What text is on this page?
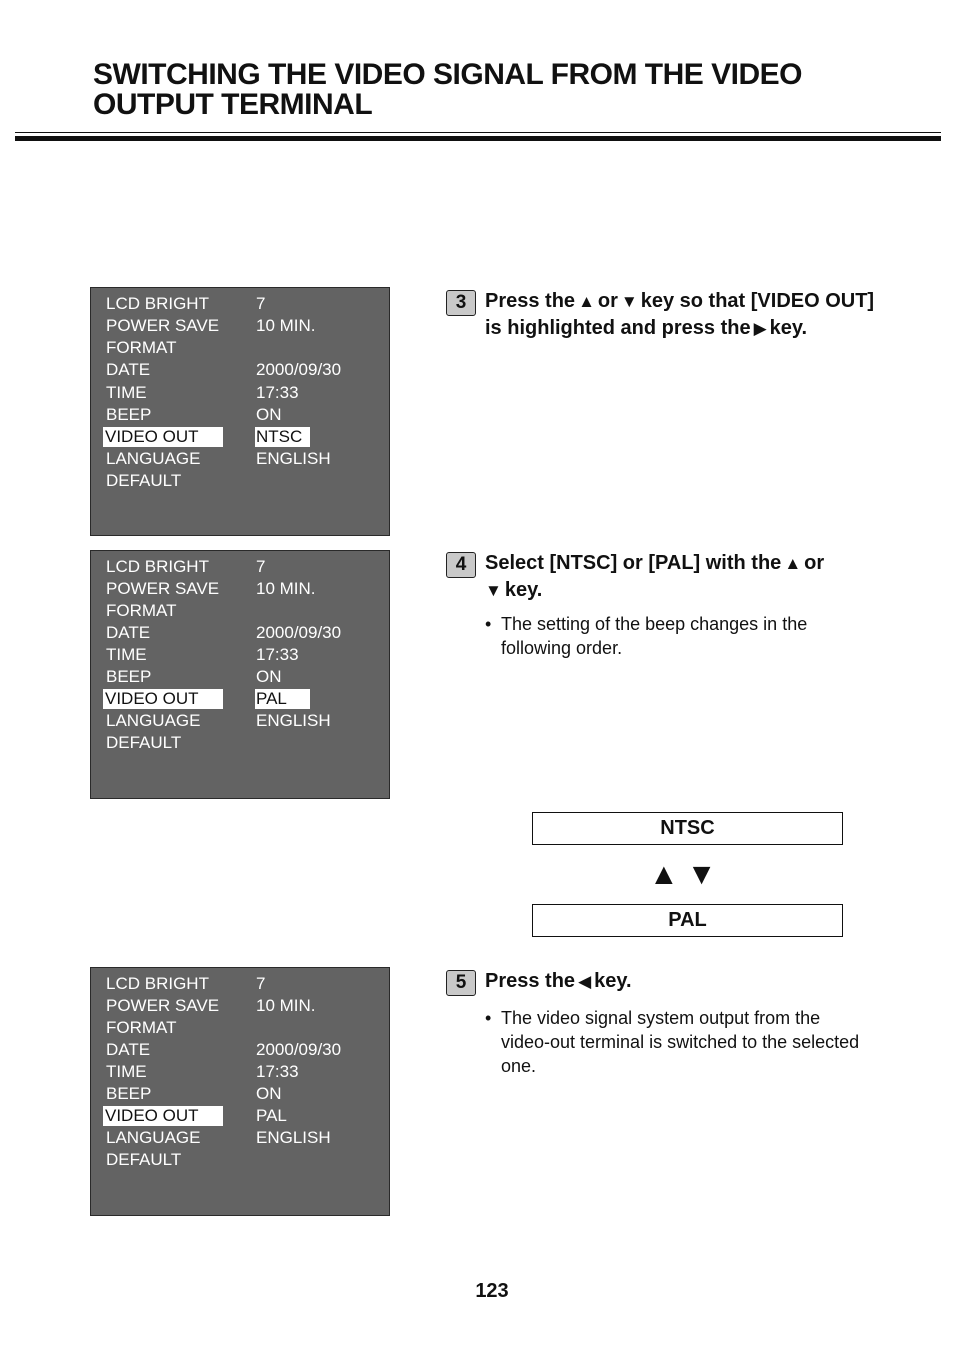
SWITCHING THE VIDEO SIGNAL FROM THE VIDEO OUTPUT TERMINAL
LCD BRIGHT	7
POWER SAVE 10 MIN.
FORMAT
DATE	2000/09/30
TIME	17:33
BEEP	ON
VIDEO OUT	NTSC
LANGUAGE	ENGLISH
DEFAULT
LCD BRIGHT	7
POWER SAVE 10 MIN.
FORMAT
DATE	2000/09/30
TIME	17:33
BEEP	ON
VIDEO OUT	PAL
LANGUAGE	ENGLISH
DEFAULT
LCD BRIGHT	7
POWER SAVE 10 MIN.
FORMAT
DATE	2000/09/30
TIME	17:33
BEEP	ON
VIDEO OUT	PAL
LANGUAGE	ENGLISH
DEFAULT
3 Press the ▲ or ▼ key so that [VIDEO OUT] is highlighted and press the ▶ key.
4 Select [NTSC] or [PAL] with the ▲ or
▼ key.
• The setting of the beep changes in the following order.
NTSC
▲ ▼
PAL
5 Press the ◀ key.
• The video signal system output from the video-out terminal is switched to the selected one.
123
